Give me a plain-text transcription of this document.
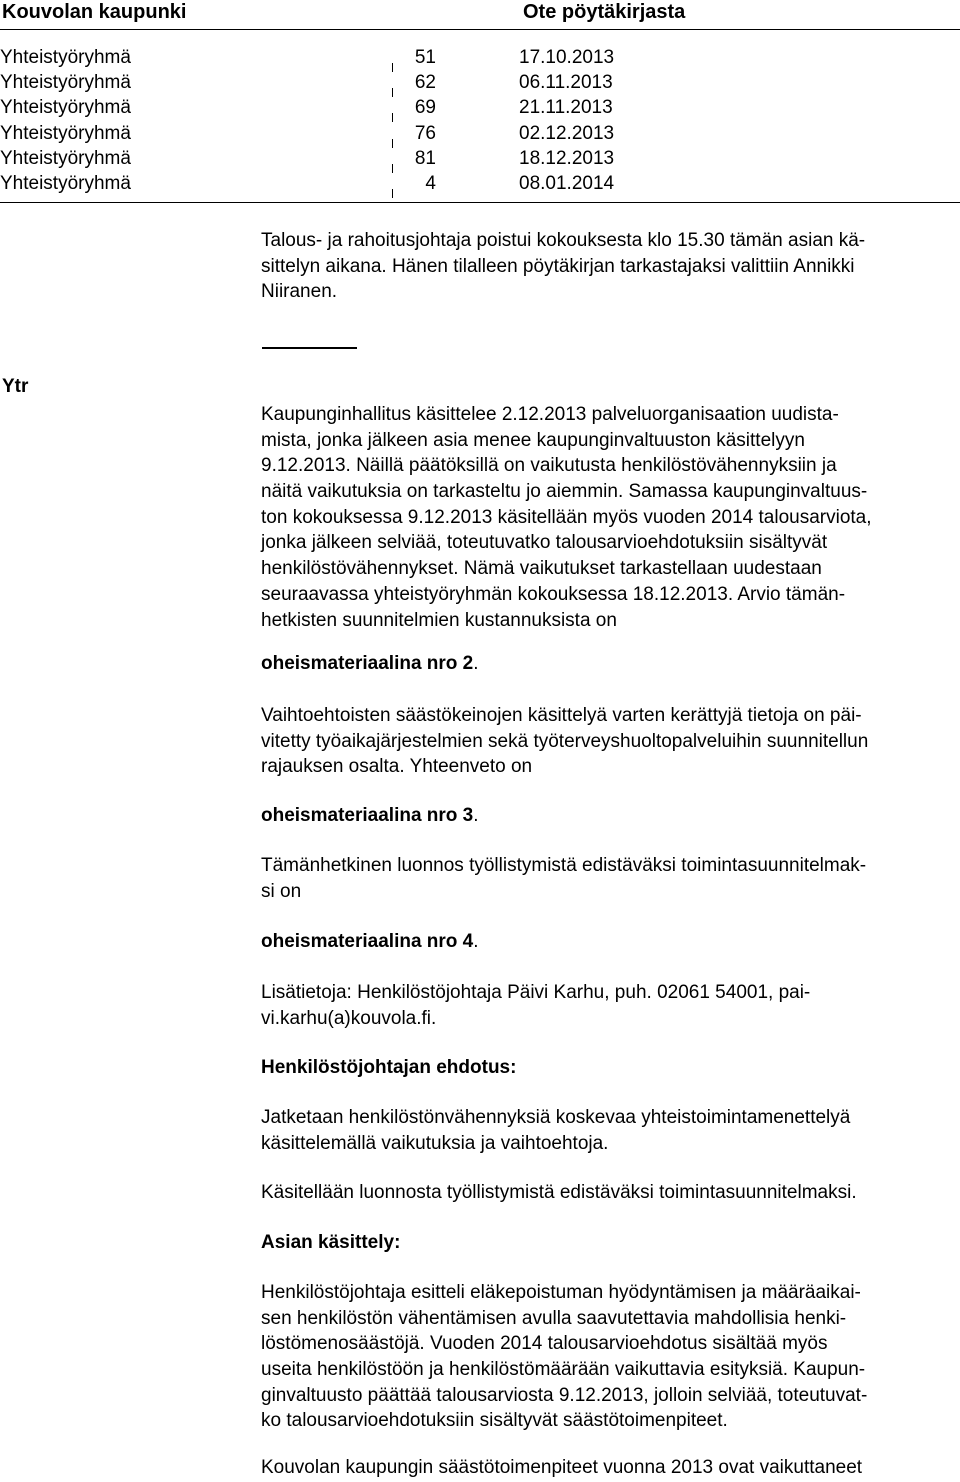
Kouvolan kaupunki	Ote pöytäkirjasta
Yhteistyöryhmä	51	17.10.2013
Yhteistyöryhmä	62	06.11.2013
Yhteistyöryhmä	69	21.11.2013
Yhteistyöryhmä	76	02.12.2013
Yhteistyöryhmä	81	18.12.2013
Yhteistyöryhmä	4	08.01.2014
Talous- ja rahoitusjohtaja poistui kokouksesta klo 15.30 tämän asian kä-
sittelyn aikana. Hänen tilalleen pöytäkirjan tarkastajaksi valittiin Annikki
Niiranen.
Ytr
Kaupunginhallitus käsittelee 2.12.2013 palveluorganisaation uudista-
mista, jonka jälkeen asia menee kaupunginvaltuuston käsittelyyn
9.12.2013. Näillä päätöksillä on vaikutusta henkilöstövähennyksiin ja
näitä vaikutuksia on tarkasteltu jo aiemmin. Samassa kaupunginvaltuus-
ton kokouksessa 9.12.2013 käsitellään myös vuoden 2014 talousarviota,
jonka jälkeen selviää, toteutuvatko talousarvioehdotuksiin sisältyvät
henkilöstövähennykset. Nämä vaikutukset tarkastellaan uudestaan
seuraavassa yhteistyöryhmän kokouksessa 18.12.2013. Arvio tämän-
hetkisten suunnitelmien kustannuksista on
oheismateriaalina nro 2.
Vaihtoehtoisten säästökeinojen käsittelyä varten kerättyjä tietoja on päi-
vitetty työaikajärjestelmien sekä työterveyshuoltopalveluihin suunnitellun
rajauksen osalta. Yhteenveto on
oheismateriaalina nro 3.
Tämänhetkinen luonnos työllistymistä edistäväksi toimintasuunnitelmak-
si on
oheismateriaalina nro 4.
Lisätietoja: Henkilöstöjohtaja Päivi Karhu, puh. 02061 54001, pai-
vi.karhu(a)kouvola.fi.
Henkilöstöjohtajan ehdotus:
Jatketaan henkilöstönvähennyksiä koskevaa yhteistoimintamenettelyä
käsittelemällä vaikutuksia ja vaihtoehtoja.
Käsitellään luonnosta työllistymistä edistäväksi toimintasuunnitelmaksi.
Asian käsittely:
Henkilöstöjohtaja esitteli eläkepoistuman hyödyntämisen ja määräaikai-
sen henkilöstön vähentämisen avulla saavutettavia mahdollisia henki-
löstömenosäästöjä. Vuoden 2014 talousarvioehdotus sisältää myös
useita henkilöstöön ja henkilöstömäärään vaikuttavia esityksiä. Kaupun-
ginvaltuusto päättää talousarviosta 9.12.2013, jolloin selviää, toteutuvat-
ko talousarvioehdotuksiin sisältyvät säästötoimenpiteet.
Kouvolan kaupungin säästötoimenpiteet vuonna 2013 ovat vaikuttaneet
